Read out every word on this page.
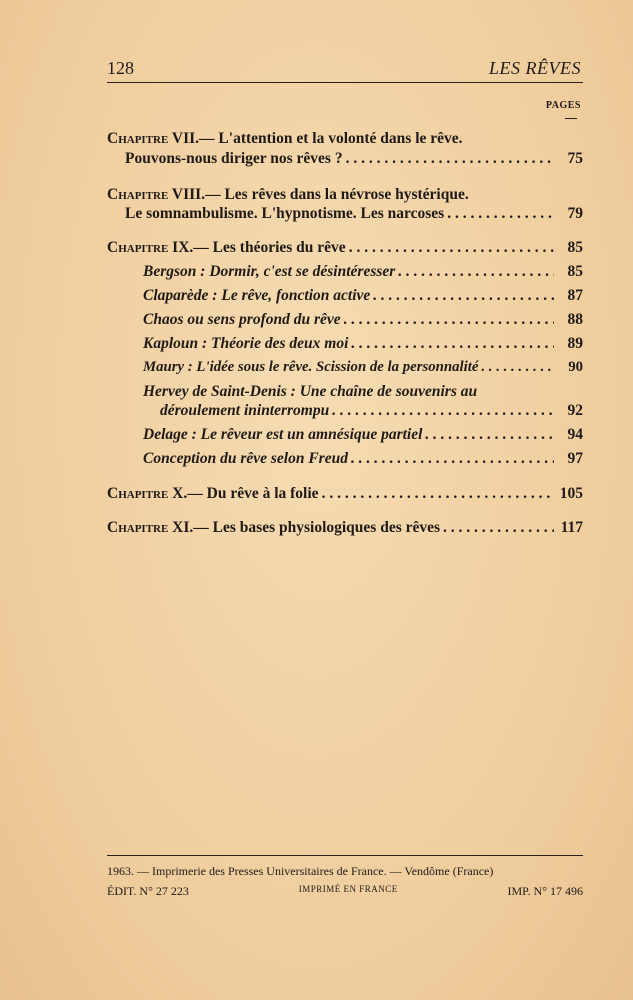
128	LES RÊVES
PAGES
Chapitre VII. — L'attention et la volonté dans le rêve.
Pouvons-nous diriger nos rêves ? . . .	75
Chapitre VIII. — Les rêves dans la névrose hystérique.
Le somnambulisme. L'hypnotisme. Les narcoses . . .	79
Chapitre IX. — Les théories du rêve . . .	85
Bergson : Dormir, c'est se désintéresser . . .	85
Claparède : Le rêve, fonction active . . .	87
Chaos ou sens profond du rêve . . .	88
Kaploun : Théorie des deux moi . . .	89
Maury : L'idée sous le rêve. Scission de la personnalité . . .	90
Hervey de Saint-Denis : Une chaîne de souvenirs au
déroulement ininterrompu . . .	92
Delage : Le rêveur est un amnésique partiel . . .	94
Conception du rêve selon Freud . . .	97
Chapitre X. — Du rêve à la folie . . .	105
Chapitre XI. — Les bases physiologiques des rêves . . .	117
1963. — Imprimerie des Presses Universitaires de France. — Vendôme (France)
ÉDIT. N° 27 223	IMPRIMÉ EN FRANCE	IMP. N° 17 496
